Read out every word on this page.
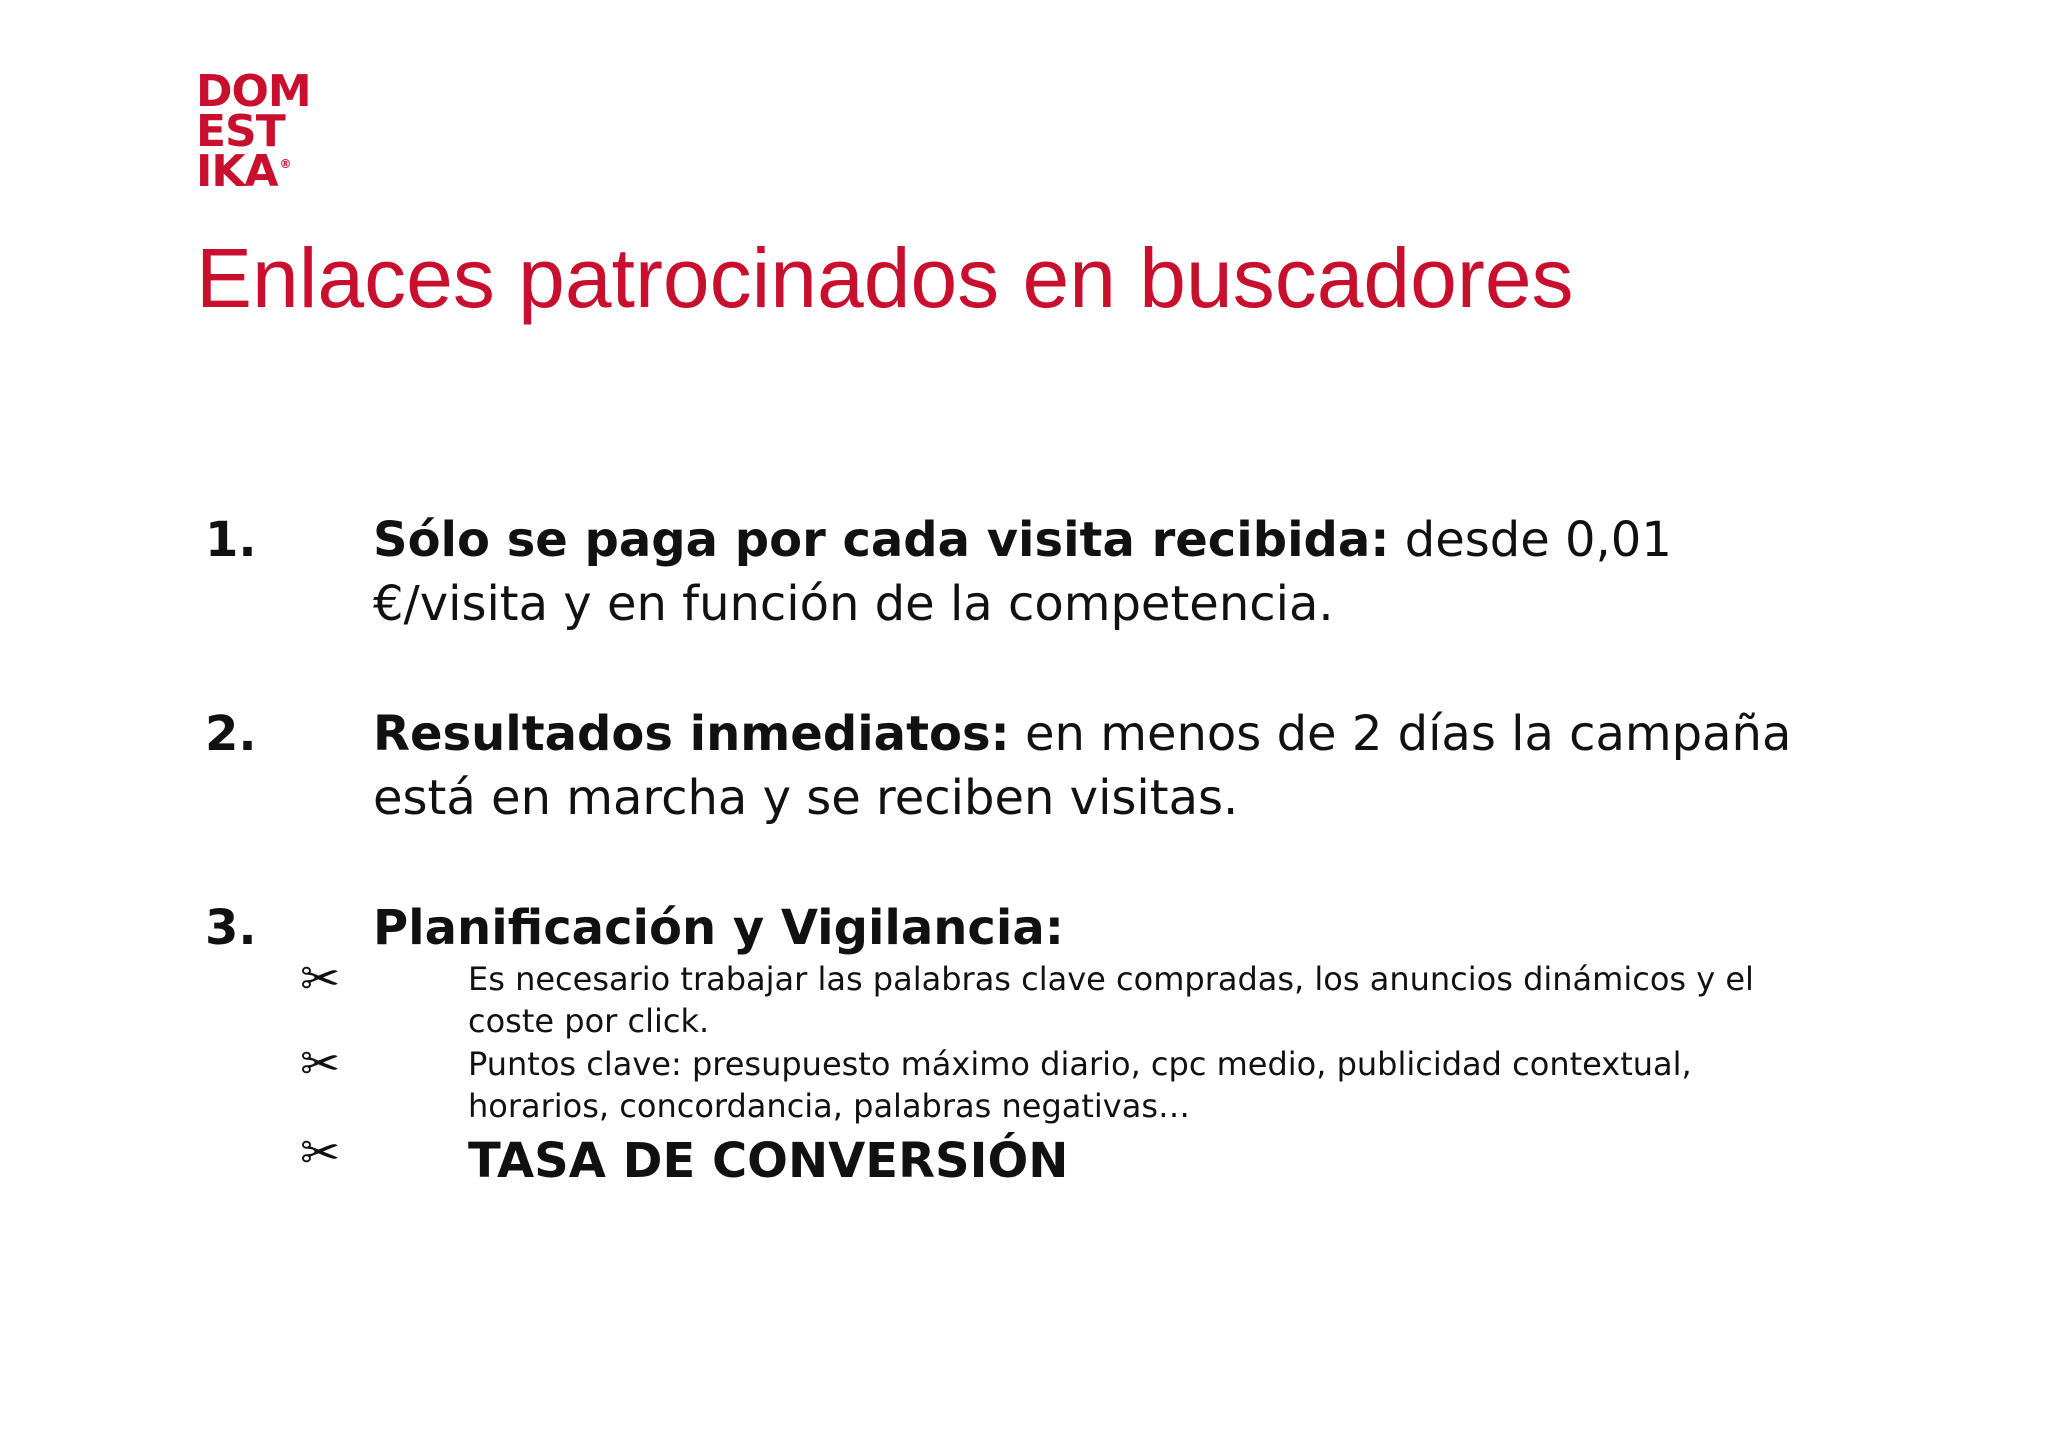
DOM
EST
IKA ®
Enlaces patrocinados en buscadores
1. Sólo se paga por cada visita recibida: desde 0,01 €/visita y en función de la competencia.
2. Resultados inmediatos: en menos de 2 días la campaña está en marcha y se reciben visitas.
3. Planificación y Vigilancia:
✂	Es necesario trabajar las palabras clave compradas, los anuncios dinámicos y el coste por click.
✂	Puntos clave: presupuesto máximo diario, cpc medio, publicidad contextual, horarios, concordancia, palabras negativas…
✂	TASA DE CONVERSIÓN
